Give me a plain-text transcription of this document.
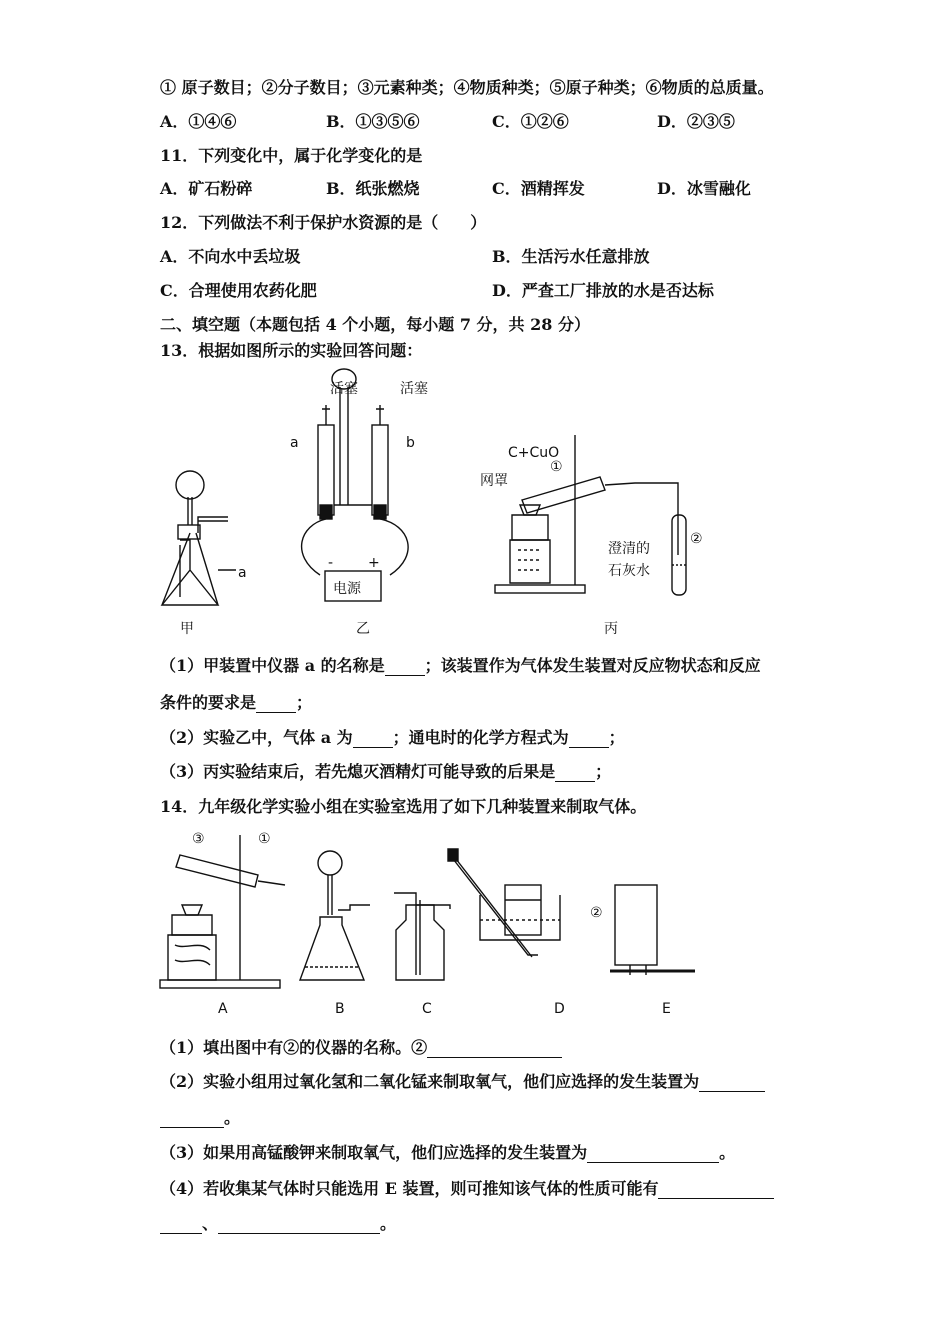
① 原子数目；②分子数目；③元素种类；④物质种类；⑤原子种类；⑥物质的总质量。
A．①④⑥	B．①③⑤⑥	C．①②⑥	D．②③⑤
11．下列变化中，属于化学变化的是
A．矿石粉碎	B．纸张燃烧	C．酒精挥发	D．冰雪融化
12．下列做法不利于保护水资源的是（　　）
A．不向水中丢垃圾	B．生活污水任意排放
C．合理使用农药化肥	D．严查工厂排放的水是否达标
二、填空题（本题包括 4 个小题，每小题 7 分，共 28 分）
13．根据如图所示的实验回答问题：
活塞	活塞
a	b
a
- +
电源
C+CuO
①
网罩
②
澄清的
石灰水
甲	乙	丙
（1）甲装置中仪器 a 的名称是	；该装置作为气体发生装置对反应物状态和反应
条件的要求是	；
（2）实验乙中，气体 a 为	；通电时的化学方程式为	；
（3）丙实验结束后，若先熄灭酒精灯可能导致的后果是	；
14．九年级化学实验小组在实验室选用了如下几种装置来制取气体。
③	①
②
A	B	C	D	E
（1）填出图中有②的仪器的名称。②
（2）实验小组用过氧化氢和二氧化锰来制取氧气，他们应选择的发生装置为
。
（3）如果用高锰酸钾来制取氧气，他们应选择的发生装置为	。
（4）若收集某气体时只能选用 E 装置，则可推知该气体的性质可能有
、	。
